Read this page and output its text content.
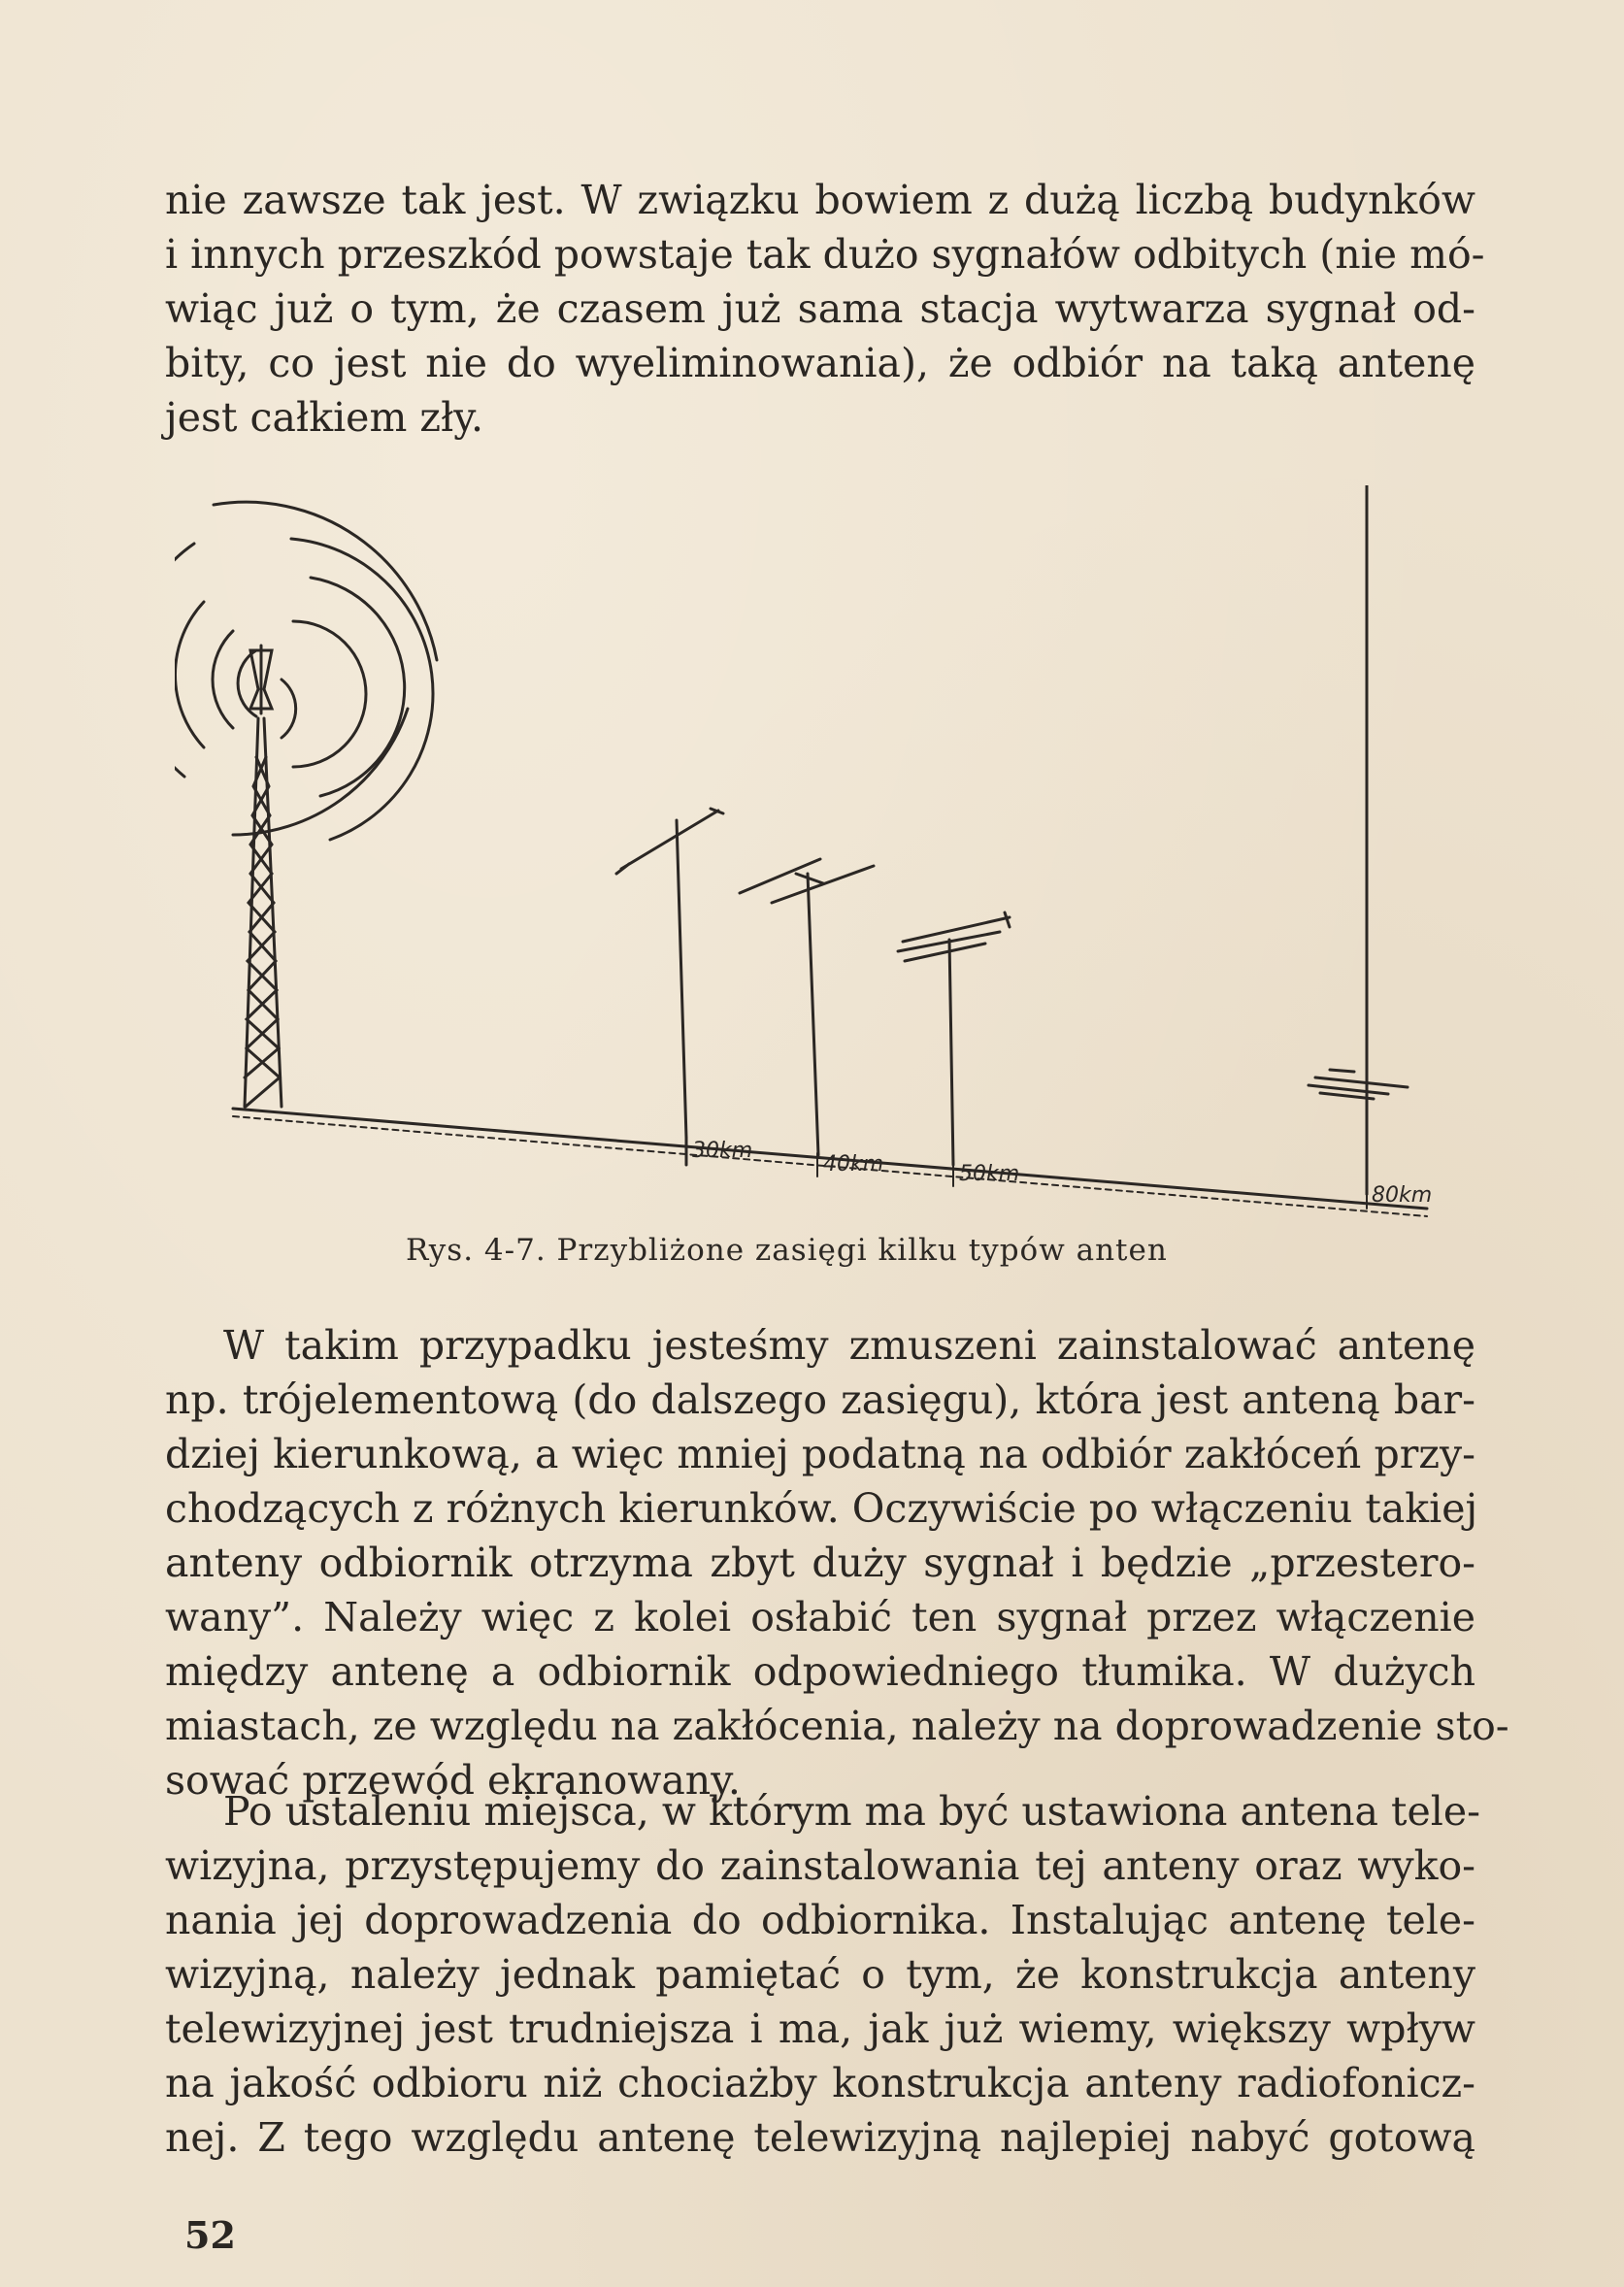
nie zawsze tak jest. W związku bowiem z dużą liczbą budynków
i innych przeszkód powstaje tak dużo sygnałów odbitych (nie mó-
wiąc już o tym, że czasem już sama stacja wytwarza sygnał od-
bity, co jest nie do wyeliminowania), że odbiór na taką antenę
jest całkiem zły.
30km
40km	50km
80km
Rys. 4-7. Przybliżone zasięgi kilku typów anten
W takim przypadku jesteśmy zmuszeni zainstalować antenę
np. trójelementową (do dalszego zasięgu), która jest anteną bar-
dziej kierunkową, a więc mniej podatną na odbiór zakłóceń przy-
chodzących z różnych kierunków. Oczywiście po włączeniu takiej
anteny odbiornik otrzyma zbyt duży sygnał i będzie „przestero-
wany”. Należy więc z kolei osłabić ten sygnał przez włączenie
między antenę a odbiornik odpowiedniego tłumika. W dużych
miastach, ze względu na zakłócenia, należy na doprowadzenie sto-
sować przewód ekranowany.
Po ustaleniu miejsca, w którym ma być ustawiona antena tele-
wizyjna, przystępujemy do zainstalowania tej anteny oraz wyko-
nania jej doprowadzenia do odbiornika. Instalując antenę tele-
wizyjną, należy jednak pamiętać o tym, że konstrukcja anteny
telewizyjnej jest trudniejsza i ma, jak już wiemy, większy wpływ
na jakość odbioru niż chociażby konstrukcja anteny radiofonicz-
nej. Z tego względu antenę telewizyjną najlepiej nabyć gotową
52
